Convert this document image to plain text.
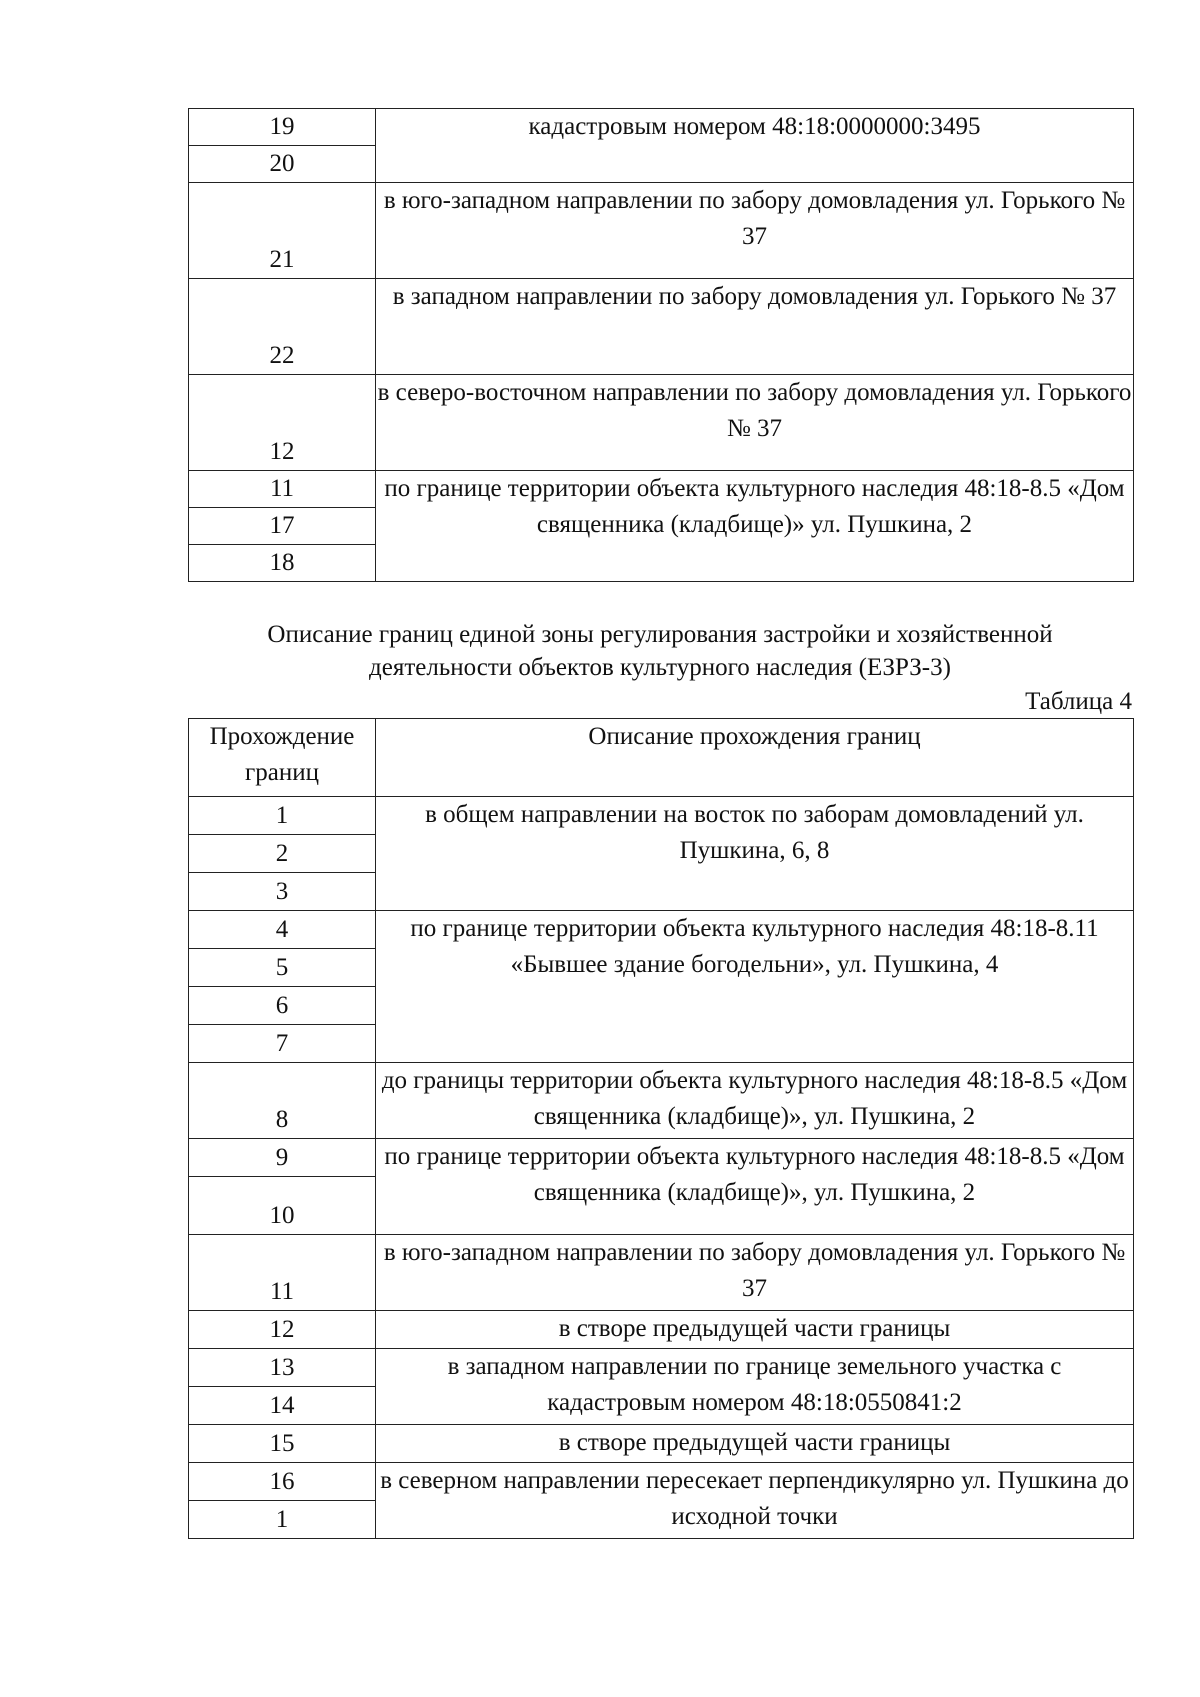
19	кадастровым номером 48:18:0000000:3495
20	
21	в юго-западном направлении по забору домовладения ул. Горького № 37
22	в западном направлении по забору домовладения ул. Горького № 37
12	в северо-восточном направлении по забору домовладения ул. Горького № 37
11	по границе территории объекта культурного наследия 48:18-8.5 «Дом священника (кладбище)» ул. Пушкина, 2
17	
18	
Описание границ единой зоны регулирования застройки и хозяйственной
деятельности объектов культурного наследия (ЕЗРЗ-3)
Таблица 4
Прохождение границ	Описание прохождения границ
1	в общем направлении на восток по заборам домовладений ул. Пушкина, 6, 8
2	
3	
4	по границе территории объекта культурного наследия 48:18-8.11 «Бывшее здание богодельни», ул. Пушкина, 4
5	
6	
7	
8	до границы территории объекта культурного наследия 48:18-8.5 «Дом священника (кладбище)», ул. Пушкина, 2
9	по границе территории объекта культурного наследия 48:18-8.5 «Дом священника (кладбище)», ул. Пушкина, 2
10	
11	в юго-западном направлении по забору домовладения ул. Горького № 37
12	в створе предыдущей части границы
13	в западном направлении по границе земельного участка с кадастровым номером 48:18:0550841:2
14	
15	в створе предыдущей части границы
16	в северном направлении пересекает перпендикулярно ул. Пушкина до исходной точки
1	
